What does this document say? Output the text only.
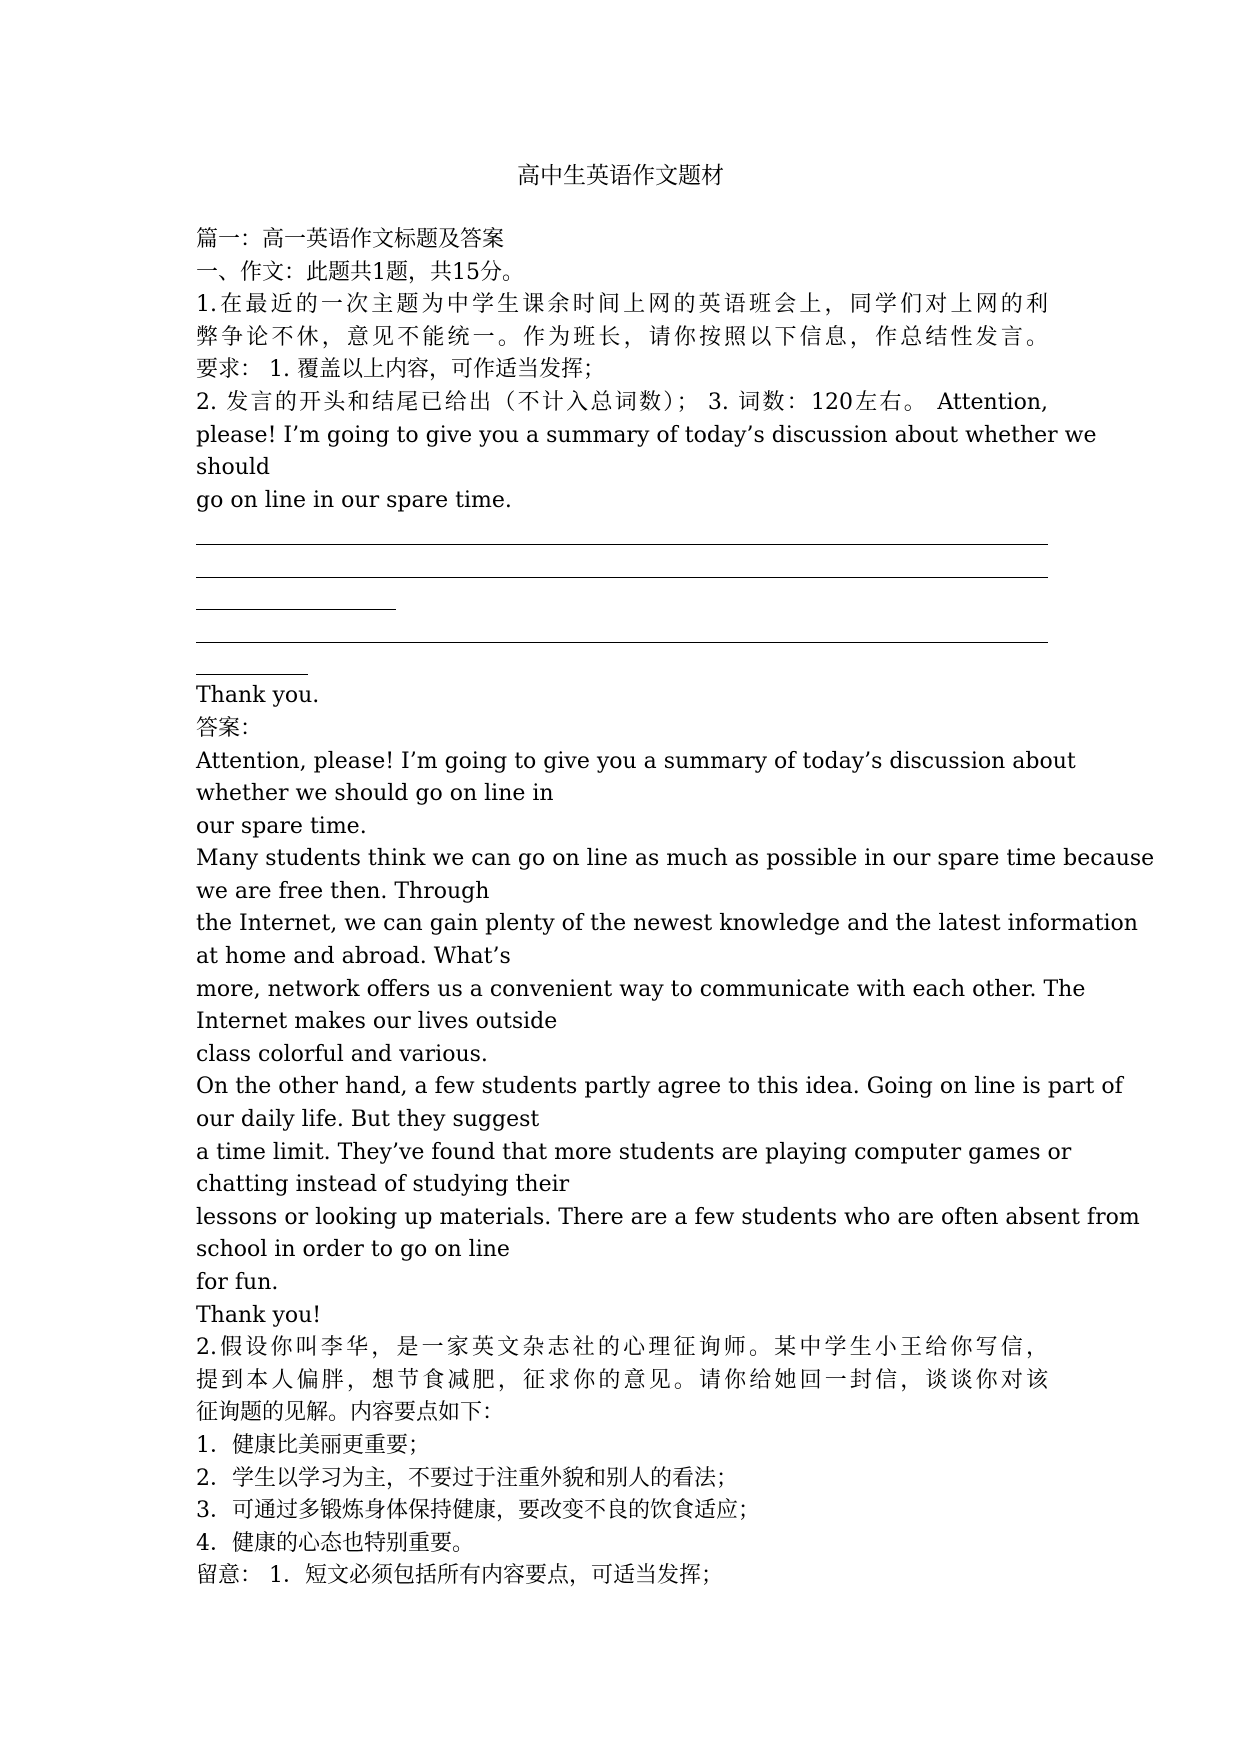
高中生英语作文题材
篇一：高一英语作文标题及答案
一、作文：此题共1题，共15分。
1.在最近的一次主题为中学生课余时间上网的英语班会上，同学们对上网的利
弊争论不休，意见不能统一。作为班长，请你按照以下信息，作总结性发言。
要求： 1. 覆盖以上内容，可作适当发挥；
2. 发言的开头和结尾已给出（不计入总词数）； 3. 词数：120左右。 Attention,
please! I’m going to give you a summary of today’s discussion about whether we
should
go on line in our spare time.
Thank you.
答案：
Attention, please! I’m going to give you a summary of today’s discussion about
whether we should go on line in
our spare time.
Many students think we can go on line as much as possible in our spare time because
we are free then. Through
the Internet, we can gain plenty of the newest knowledge and the latest information
at home and abroad. What’s
more, network offers us a convenient way to communicate with each other. The
Internet makes our lives outside
class colorful and various.
On the other hand, a few students partly agree to this idea. Going on line is part of
our daily life. But they suggest
a time limit. They’ve found that more students are playing computer games or
chatting instead of studying their
lessons or looking up materials. There are a few students who are often absent from
school in order to go on line
for fun.
Thank you!
2.假设你叫李华，是一家英文杂志社的心理征询师。某中学生小王给你写信，
提到本人偏胖，想节食减肥，征求你的意见。请你给她回一封信，谈谈你对该
征询题的见解。内容要点如下：
1．健康比美丽更重要；
2．学生以学习为主，不要过于注重外貌和别人的看法；
3．可通过多锻炼身体保持健康，要改变不良的饮食适应；
4．健康的心态也特别重要。
留意： 1．短文必须包括所有内容要点，可适当发挥；
